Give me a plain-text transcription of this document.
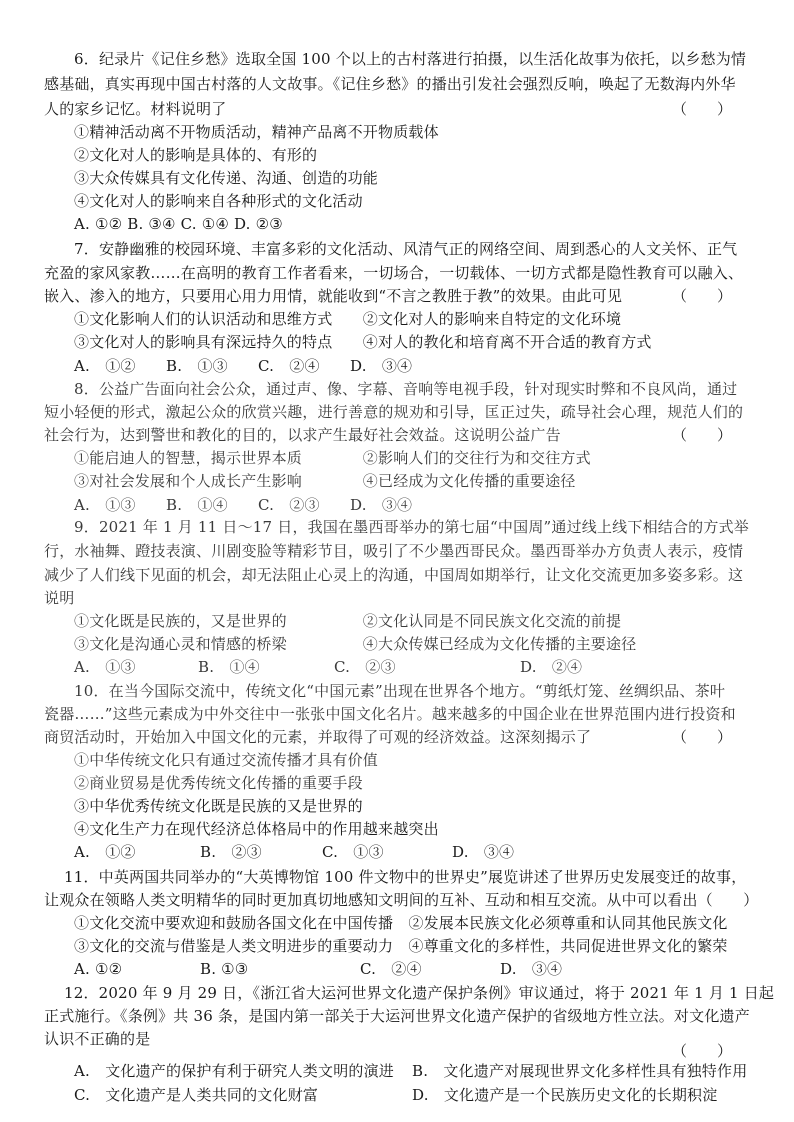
6．纪录片《记住乡愁》选取全国 100 个以上的古村落进行拍摄，以生活化故事为依托，以乡愁为情
感基础，真实再现中国古村落的人文故事。《记住乡愁》的播出引发社会强烈反响，唤起了无数海内外华
人的家乡记忆。材料说明了	（　　）
①精神活动离不开物质活动，精神产品离不开物质载体
②文化对人的影响是具体的、有形的
③大众传媒具有文化传递、沟通、创造的功能
④文化对人的影响来自各种形式的文化活动
A. ①② B. ③④ C. ①④ D. ②③
7．安静幽雅的校园环境、丰富多彩的文化活动、风清气正的网络空间、周到悉心的人文关怀、正气
充盈的家风家教……在高明的教育工作者看来，一切场合，一切载体、一切方式都是隐性教育可以融入、
嵌入、渗入的地方，只要用心用力用情，就能收到“不言之教胜于教”的效果。由此可见	（　　）
①文化影响人们的认识活动和思维方式　　②文化对人的影响来自特定的文化环境
③文化对人的影响具有深远持久的特点　　④对人的教化和培育离不开合适的教育方式
A.　①② B.　①③ C.　②④ D.　③④
8．公益广告面向社会公众，通过声、像、字幕、音响等电视手段，针对现实时弊和不良风尚，通过
短小轻便的形式，激起公众的欣赏兴趣，进行善意的规劝和引导，匡正过失，疏导社会心理，规范人们的
社会行为，达到警世和教化的目的，以求产生最好社会效益。这说明公益广告	（　　）
①能启迪人的智慧，揭示世界本质　　　　②影响人们的交往行为和交往方式
③对社会发展和个人成长产生影响　　　　④已经成为文化传播的重要途径
A.　①③ B.　①④ C.　②③ D.　③④
9．2021 年 1 月 11 日～17 日，我国在墨西哥举办的第七届“中国周”通过线上线下相结合的方式举
行，水袖舞、蹬技表演、川剧变脸等精彩节目，吸引了不少墨西哥民众。墨西哥举办方负责人表示，疫情
减少了人们线下见面的机会，却无法阻止心灵上的沟通，中国周如期举行，让文化交流更加多姿多彩。这
说明
①文化既是民族的，又是世界的　　　　　②文化认同是不同民族文化交流的前提
③文化是沟通心灵和情感的桥梁　　　　　④大众传媒已经成为文化传播的主要途径
A.　①③	B.　①④	C.　②③	D.　②④
10．在当今国际交流中，传统文化“中国元素”出现在世界各个地方。“剪纸灯笼、丝绸织品、茶叶
瓷器……”这些元素成为中外交往中一张张中国文化名片。越来越多的中国企业在世界范围内进行投资和
商贸活动时，开始加入中国文化的元素，并取得了可观的经济效益。这深刻揭示了	（　　）
①中华传统文化只有通过交流传播才具有价值
②商业贸易是优秀传统文化传播的重要手段
③中华优秀传统文化既是民族的又是世界的
④文化生产力在现代经济总体格局中的作用越来越突出
A.　①②	B.　②③	C.　①③	D.　③④
11．中英两国共同举办的“大英博物馆 100 件文物中的世界史”展览讲述了世界历史发展变迁的故事，
让观众在领略人类文明精华的同时更加真切地感知文明间的互补、互动和相互交流。从中可以看出（　　）
①文化交流中要欢迎和鼓励各国文化在中国传播　②发展本民族文化必须尊重和认同其他民族文化
③文化的交流与借鉴是人类文明进步的重要动力　④尊重文化的多样性，共同促进世界文化的繁荣
A. ①②	B. ①③	C.　②④	D.　③④
12．2020 年 9 月 29 日，《浙江省大运河世界文化遗产保护条例》审议通过，将于 2021 年 1 月 1 日起
正式施行。《条例》共 36 条，是国内第一部关于大运河世界文化遗产保护的省级地方性立法。对文化遗产
认识不正确的是
（　　）
A.　文化遗产的保护有利于研究人类文明的演进 B.　文化遗产对展现世界文化多样性具有独特作用
C.　文化遗产是人类共同的文化财富	D.　文化遗产是一个民族历史文化的长期积淀
